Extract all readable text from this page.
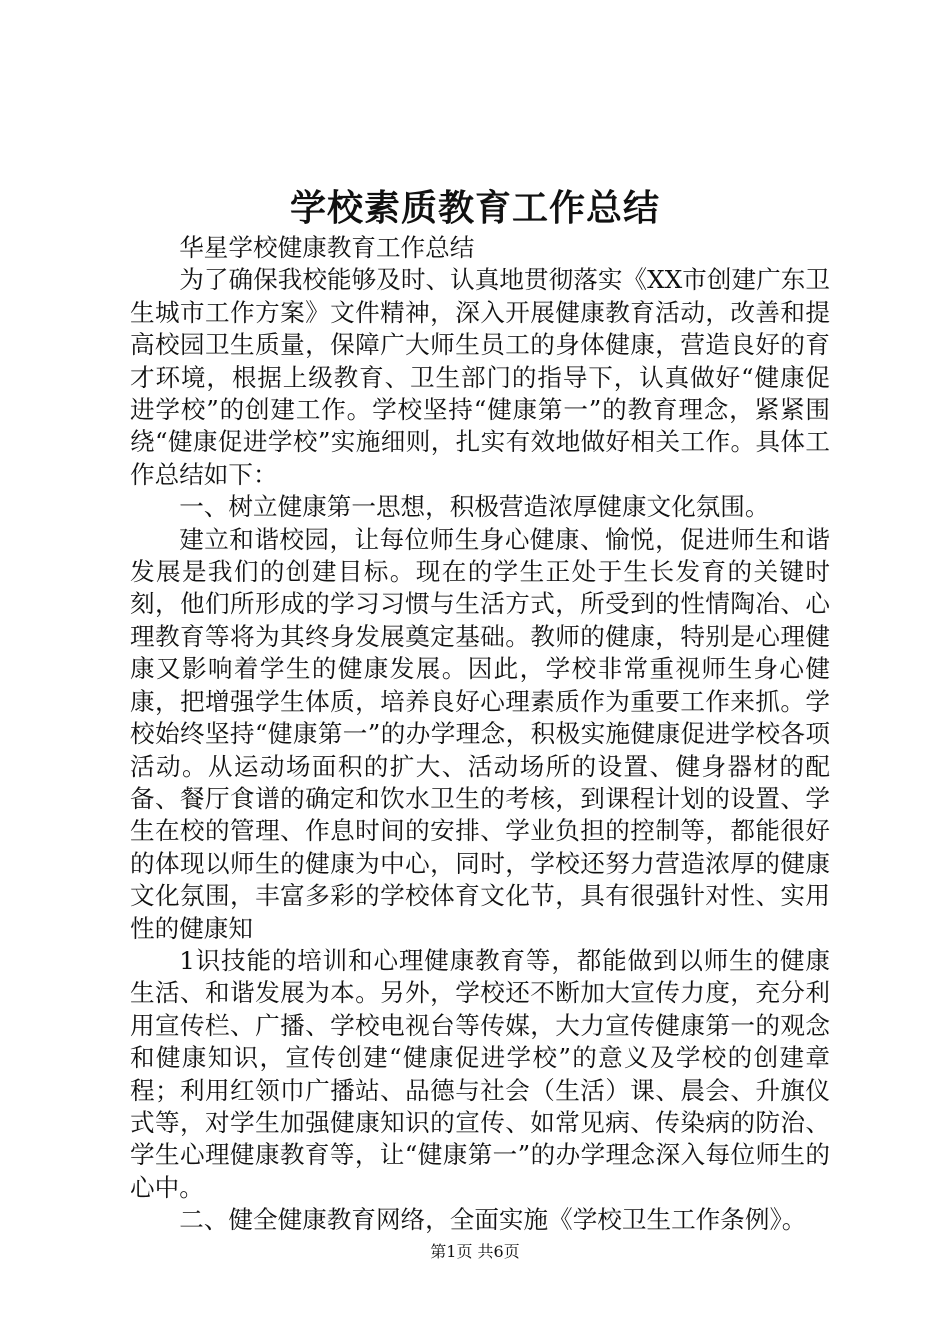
学校素质教育工作总结

华星学校健康教育工作总结

为了确保我校能够及时、认真地贯彻落实《XX市创建广东卫生城市工作方案》文件精神，深入开展健康教育活动，改善和提高校园卫生质量，保障广大师生员工的身体健康，营造良好的育才环境，根据上级教育、卫生部门的指导下，认真做好“健康促进学校”的创建工作。学校坚持“健康第一”的教育理念，紧紧围绕“健康促进学校”实施细则，扎实有效地做好相关工作。具体工作总结如下：

一、树立健康第一思想，积极营造浓厚健康文化氛围。

建立和谐校园，让每位师生身心健康、愉悦，促进师生和谐发展是我们的创建目标。现在的学生正处于生长发育的关键时刻，他们所形成的学习习惯与生活方式，所受到的性情陶冶、心理教育等将为其终身发展奠定基础。教师的健康，特别是心理健康又影响着学生的健康发展。因此，学校非常重视师生身心健康，把增强学生体质，培养良好心理素质作为重要工作来抓。学校始终坚持“健康第一”的办学理念，积极实施健康促进学校各项活动。从运动场面积的扩大、活动场所的设置、健身器材的配备、餐厅食谱的确定和饮水卫生的考核，到课程计划的设置、学生在校的管理、作息时间的安排、学业负担的控制等，都能很好的体现以师生的健康为中心，同时，学校还努力营造浓厚的健康文化氛围，丰富多彩的学校体育文化节，具有很强针对性、实用性的健康知

1识技能的培训和心理健康教育等，都能做到以师生的健康生活、和谐发展为本。另外，学校还不断加大宣传力度，充分利用宣传栏、广播、学校电视台等传媒，大力宣传健康第一的观念和健康知识，宣传创建“健康促进学校”的意义及学校的创建章程；利用红领巾广播站、品德与社会（生活）课、晨会、升旗仪式等，对学生加强健康知识的宣传、如常见病、传染病的防治、学生心理健康教育等，让“健康第一”的办学理念深入每位师生的心中。

二、健全健康教育网络，全面实施《学校卫生工作条例》。

第1页 共6页
